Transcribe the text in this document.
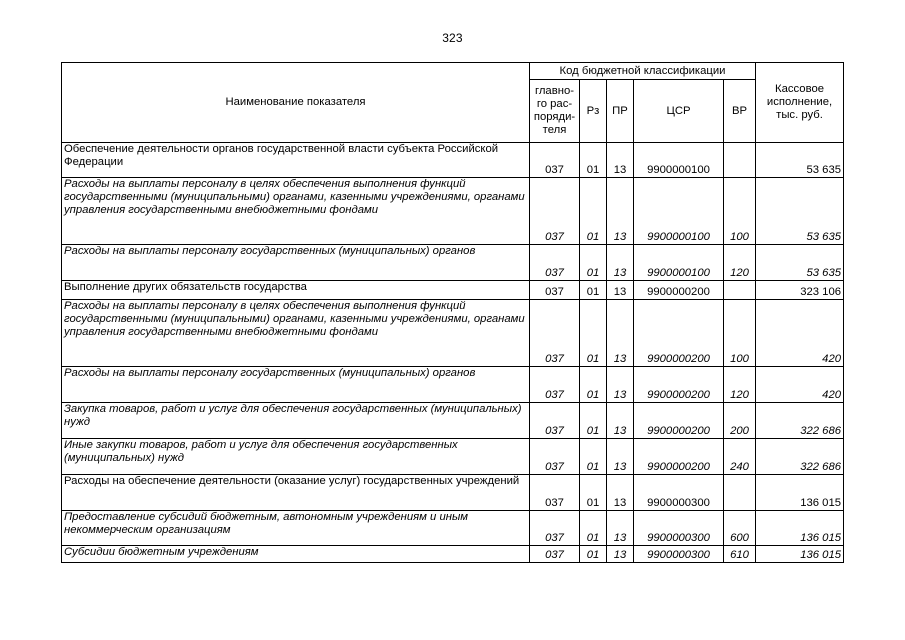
323
Наименование показателя	Код бюджетной классификации					Кассовое исполнение, тыс. руб.
	главно-го рас-поряди-теля	Рз	ПР	ЦСР	ВР	
Обеспечение деятельности органов государственной власти субъекта Российской Федерации	037	01	13	9900000100		53 635
Расходы на выплаты персоналу в целях обеспечения выполнения функций государственными (муниципальными) органами, казенными учреждениями, органами управления государственными внебюджетными фондами	037	01	13	9900000100	100	53 635
Расходы на выплаты персоналу государственных (муниципальных) органов	037	01	13	9900000100	120	53 635
Выполнение других обязательств государства	037	01	13	9900000200		323 106
Расходы на выплаты персоналу в целях обеспечения выполнения функций государственными (муниципальными) органами, казенными учреждениями, органами управления государственными внебюджетными фондами	037	01	13	9900000200	100	420
Расходы на выплаты персоналу государственных (муниципальных) органов	037	01	13	9900000200	120	420
Закупка товаров, работ и услуг для обеспечения государственных (муниципальных) нужд	037	01	13	9900000200	200	322 686
Иные закупки товаров, работ и услуг для обеспечения государственных (муниципальных) нужд	037	01	13	9900000200	240	322 686
Расходы на обеспечение деятельности (оказание услуг) государственных учреждений	037	01	13	9900000300		136 015
Предоставление субсидий бюджетным, автономным учреждениям и иным некоммерческим организациям	037	01	13	9900000300	600	136 015
Субсидии бюджетным учреждениям	037	01	13	9900000300	610	136 015
